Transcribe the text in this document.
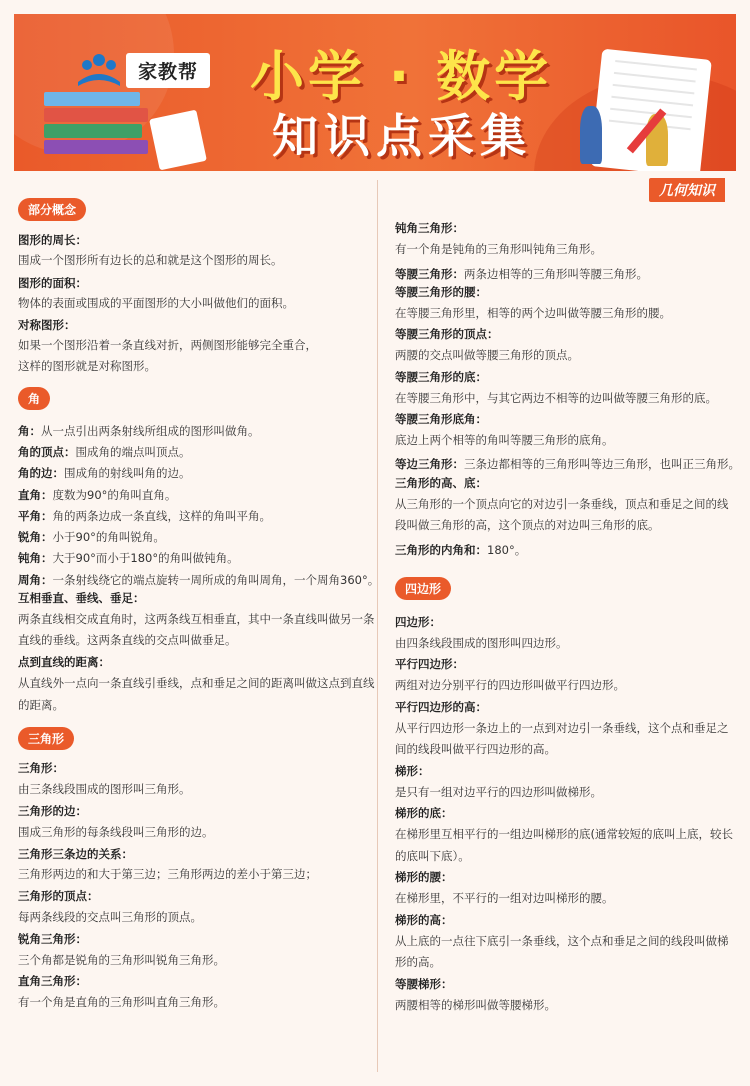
家教帮 小学 · 数学
知识点采集
几何知识
部分概念
图形的周长：
围成一个图形所有边长的总和就是这个图形的周长。
图形的面积：
物体的表面或围成的平面图形的大小叫做他们的面积。
对称图形：
如果一个图形沿着一条直线对折，两侧图形能够完全重合，
这样的图形就是对称图形。
角
角：从一点引出两条射线所组成的图形叫做角。
角的顶点：围成角的端点叫顶点。
角的边：围成角的射线叫角的边。
直角：度数为90°的角叫直角。
平角：角的两条边成一条直线，这样的角叫平角。
锐角：小于90°的角叫锐角。
钝角：大于90°而小于180°的角叫做钝角。
周角：一条射线绕它的端点旋转一周所成的角叫周角，一个周角360°。
互相垂直、垂线、垂足：
两条直线相交成直角时，这两条线互相垂直，其中一条直线叫做另一条
直线的垂线。这两条直线的交点叫做垂足。
点到直线的距离：
从直线外一点向一条直线引垂线，点和垂足之间的距离叫做这点到直线
的距离。
三角形
三角形：
由三条线段围成的图形叫三角形。
三角形的边：
围成三角形的每条线段叫三角形的边。
三角形三条边的关系：
三角形两边的和大于第三边；三角形两边的差小于第三边；
三角形的顶点：
每两条线段的交点叫三角形的顶点。
锐角三角形：
三个角都是锐角的三角形叫锐角三角形。
直角三角形：
有一个角是直角的三角形叫直角三角形。
钝角三角形：
有一个角是钝角的三角形叫钝角三角形。
等腰三角形：两条边相等的三角形叫等腰三角形。
等腰三角形的腰：
在等腰三角形里，相等的两个边叫做等腰三角形的腰。
等腰三角形的顶点：
两腰的交点叫做等腰三角形的顶点。
等腰三角形的底：
在等腰三角形中，与其它两边不相等的边叫做等腰三角形的底。
等腰三角形底角：
底边上两个相等的角叫等腰三角形的底角。
等边三角形：三条边都相等的三角形叫等边三角形，也叫正三角形。
三角形的高、底：
从三角形的一个顶点向它的对边引一条垂线，顶点和垂足之间的线
段叫做三角形的高，这个顶点的对边叫三角形的底。
三角形的内角和：180°。
四边形
四边形：
由四条线段围成的图形叫四边形。
平行四边形：
两组对边分别平行的四边形叫做平行四边形。
平行四边形的高：
从平行四边形一条边上的一点到对边引一条垂线，这个点和垂足之
间的线段叫做平行四边形的高。
梯形：
是只有一组对边平行的四边形叫做梯形。
梯形的底：
在梯形里互相平行的一组边叫梯形的底(通常较短的底叫上底，较长
的底叫下底）。
梯形的腰：
在梯形里，不平行的一组对边叫梯形的腰。
梯形的高：
从上底的一点往下底引一条垂线，这个点和垂足之间的线段叫做梯
形的高。
等腰梯形：
两腰相等的梯形叫做等腰梯形。
